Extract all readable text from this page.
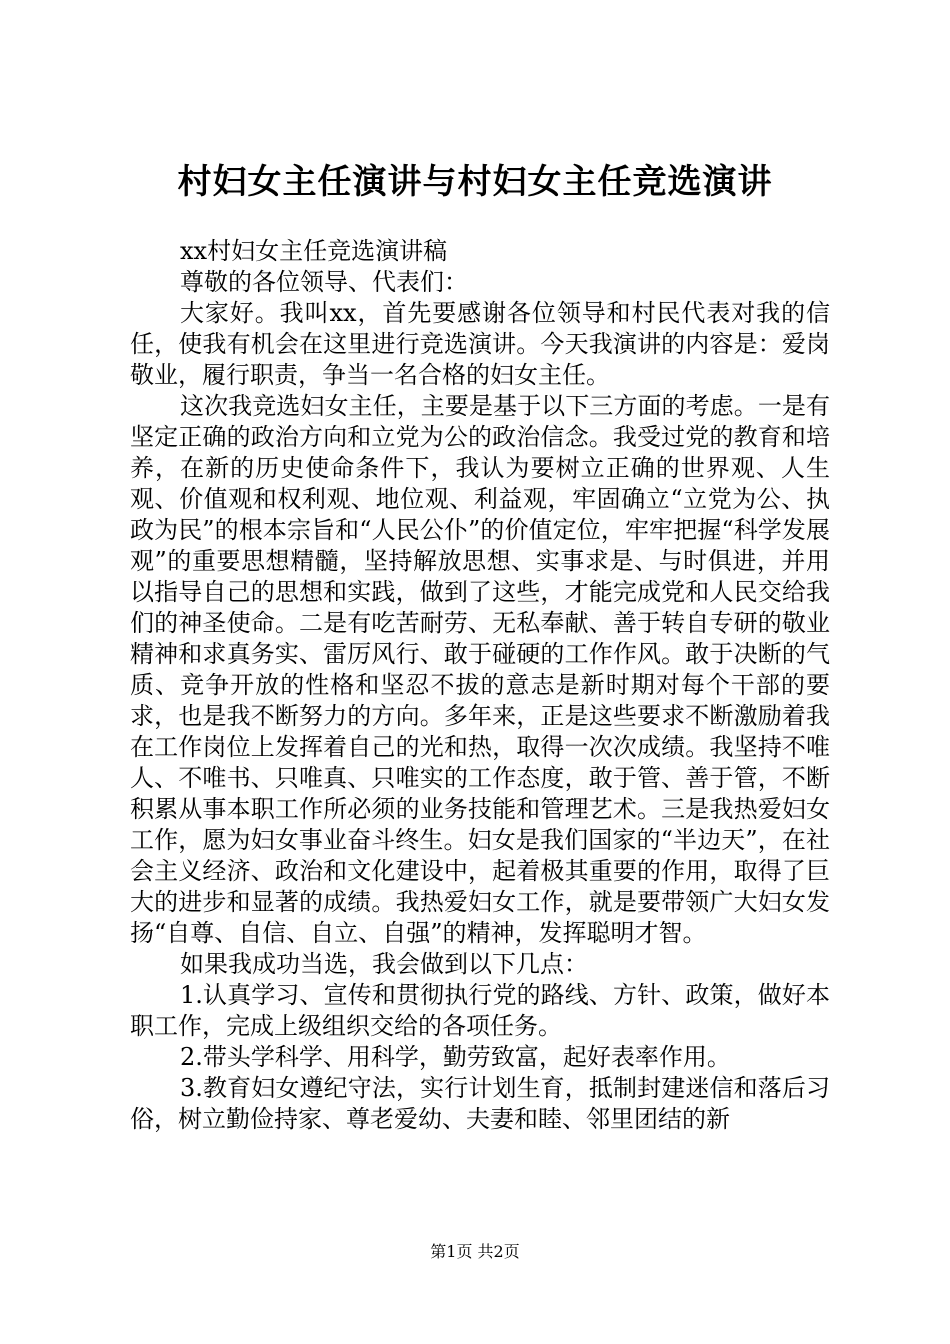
村妇女主任演讲与村妇女主任竞选演讲

xx村妇女主任竞选演讲稿

尊敬的各位领导、代表们：

大家好。我叫xx，首先要感谢各位领导和村民代表对我的信任，使我有机会在这里进行竞选演讲。今天我演讲的内容是：爱岗敬业，履行职责，争当一名合格的妇女主任。

这次我竞选妇女主任，主要是基于以下三方面的考虑。一是有坚定正确的政治方向和立党为公的政治信念。我受过党的教育和培养，在新的历史使命条件下，我认为要树立正确的世界观、人生观、价值观和权利观、地位观、利益观，牢固确立“立党为公、执政为民”的根本宗旨和“人民公仆”的价值定位，牢牢把握“科学发展观”的重要思想精髓，坚持解放思想、实事求是、与时俱进，并用以指导自己的思想和实践，做到了这些，才能完成党和人民交给我们的神圣使命。二是有吃苦耐劳、无私奉献、善于转自专研的敬业精神和求真务实、雷厉风行、敢于碰硬的工作作风。敢于决断的气质、竞争开放的性格和坚忍不拔的意志是新时期对每个干部的要求，也是我不断努力的方向。多年来，正是这些要求不断激励着我在工作岗位上发挥着自己的光和热，取得一次次成绩。我坚持不唯人、不唯书、只唯真、只唯实的工作态度，敢于管、善于管，不断积累从事本职工作所必须的业务技能和管理艺术。三是我热爱妇女工作，愿为妇女事业奋斗终生。妇女是我们国家的“半边天”，在社会主义经济、政治和文化建设中，起着极其重要的作用，取得了巨大的进步和显著的成绩。我热爱妇女工作，就是要带领广大妇女发扬“自尊、自信、自立、自强”的精神，发挥聪明才智。

如果我成功当选，我会做到以下几点：

1.认真学习、宣传和贯彻执行党的路线、方针、政策，做好本职工作，完成上级组织交给的各项任务。

2.带头学科学、用科学，勤劳致富，起好表率作用。

3.教育妇女遵纪守法，实行计划生育，抵制封建迷信和落后习俗，树立勤俭持家、尊老爱幼、夫妻和睦、邻里团结的新

第1页 共2页
